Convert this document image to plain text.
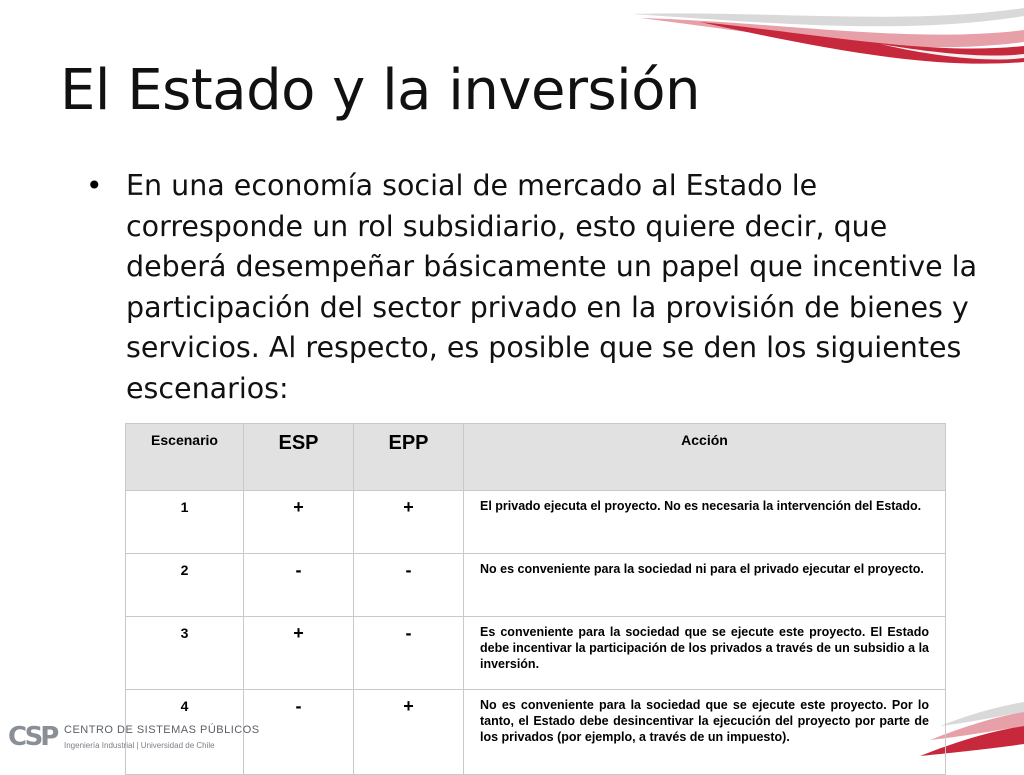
El Estado y la inversión
• En una economía social de mercado al Estado le corresponde un rol subsidiario, esto quiere decir, que deberá desempeñar básicamente un papel que incentive la participación del sector privado en la provisión de bienes y servicios. Al respecto, es posible que se den los siguientes escenarios:

Escenario	ESP	EPP	Acción
1	+	+	El privado ejecuta el proyecto. No es necesaria la intervención del Estado.
2	-	-	No es conveniente para la sociedad ni para el privado ejecutar el proyecto.
3	+	-	Es conveniente para la sociedad que se ejecute este proyecto. El Estado debe incentivar la participación de los privados a través de un subsidio a la inversión.
4	-	+	No es conveniente para la sociedad que se ejecute este proyecto. Por lo tanto, el Estado debe desincentivar la ejecución del proyecto por parte de los privados (por ejemplo, a través de un impuesto).
CSP CENTRO DE SISTEMAS PÚBLICOS
Ingeniería Industrial | Universidad de Chile
